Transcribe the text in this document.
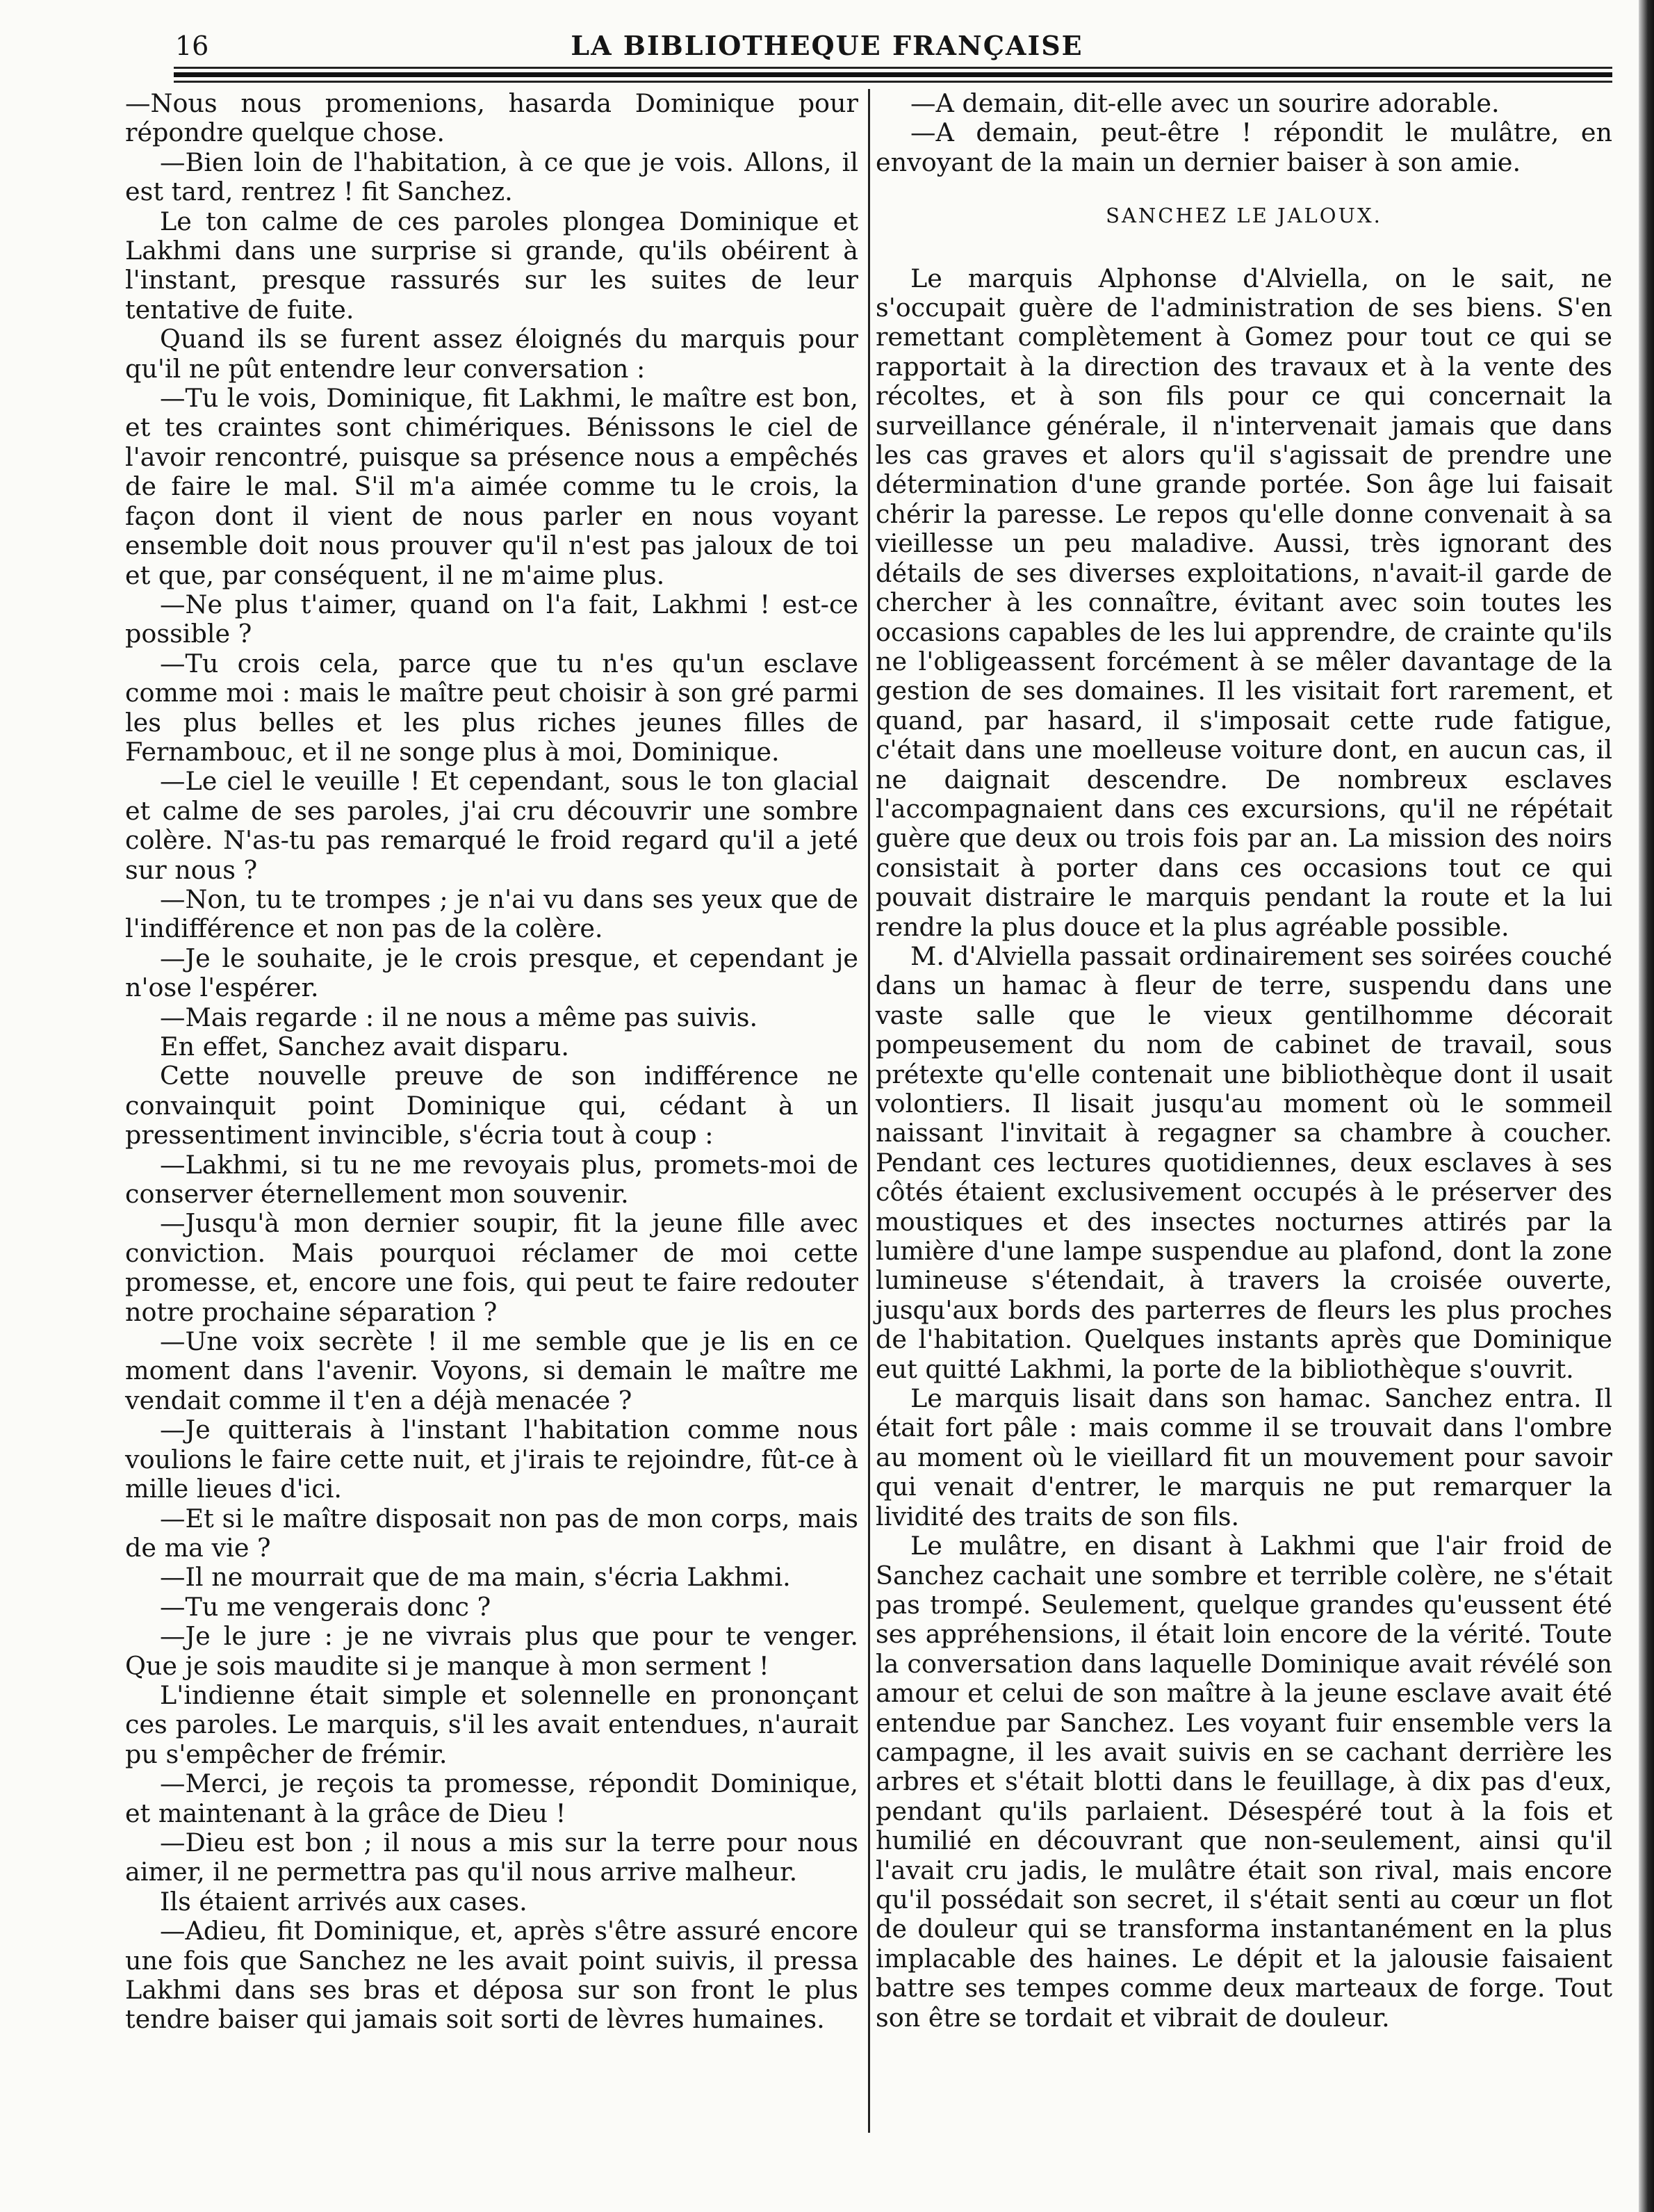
16	LA BIBLIOTHEQUE FRANÇAISE

—Nous nous promenions, hasarda Dominique pour répondre quelque chose.

—Bien loin de l'habitation, à ce que je vois. Allons, il est tard, rentrez ! fit Sanchez.

Le ton calme de ces paroles plongea Dominique et Lakhmi dans une surprise si grande, qu'ils obéirent à l'instant, presque rassurés sur les suites de leur tentative de fuite.

Quand ils se furent assez éloignés du marquis pour qu'il ne pût entendre leur conversation :

—Tu le vois, Dominique, fit Lakhmi, le maître est bon, et tes craintes sont chimériques. Bénissons le ciel de l'avoir rencontré, puisque sa présence nous a empêchés de faire le mal. S'il m'a aimée comme tu le crois, la façon dont il vient de nous parler en nous voyant ensemble doit nous prouver qu'il n'est pas jaloux de toi et que, par conséquent, il ne m'aime plus.

—Ne plus t'aimer, quand on l'a fait, Lakhmi ! est-ce possible ?

—Tu crois cela, parce que tu n'es qu'un esclave comme moi : mais le maître peut choisir à son gré parmi les plus belles et les plus riches jeunes filles de Fernambouc, et il ne songe plus à moi, Dominique.

—Le ciel le veuille ! Et cependant, sous le ton glacial et calme de ses paroles, j'ai cru découvrir une sombre colère. N'as-tu pas remarqué le froid regard qu'il a jeté sur nous ?

—Non, tu te trompes ; je n'ai vu dans ses yeux que de l'indifférence et non pas de la colère.

—Je le souhaite, je le crois presque, et cependant je n'ose l'espérer.

—Mais regarde : il ne nous a même pas suivis.

En effet, Sanchez avait disparu.

Cette nouvelle preuve de son indifférence ne convainquit point Dominique qui, cédant à un pressentiment invincible, s'écria tout à coup :

—Lakhmi, si tu ne me revoyais plus, promets-moi de conserver éternellement mon souvenir.

—Jusqu'à mon dernier soupir, fit la jeune fille avec conviction. Mais pourquoi réclamer de moi cette promesse, et, encore une fois, qui peut te faire redouter notre prochaine séparation ?

—Une voix secrète ! il me semble que je lis en ce moment dans l'avenir. Voyons, si demain le maître me vendait comme il t'en a déjà menacée ?

—Je quitterais à l'instant l'habitation comme nous voulions le faire cette nuit, et j'irais te rejoindre, fût-ce à mille lieues d'ici.

—Et si le maître disposait non pas de mon corps, mais de ma vie ?

—Il ne mourrait que de ma main, s'écria Lakhmi.

—Tu me vengerais donc ?

—Je le jure : je ne vivrais plus que pour te venger. Que je sois maudite si je manque à mon serment !

L'indienne était simple et solennelle en prononçant ces paroles. Le marquis, s'il les avait entendues, n'aurait pu s'empêcher de frémir.

—Merci, je reçois ta promesse, répondit Dominique, et maintenant à la grâce de Dieu !

—Dieu est bon ; il nous a mis sur la terre pour nous aimer, il ne permettra pas qu'il nous arrive malheur.

Ils étaient arrivés aux cases.

—Adieu, fit Dominique, et, après s'être assuré encore une fois que Sanchez ne les avait point suivis, il pressa Lakhmi dans ses bras et déposa sur son front le plus tendre baiser qui jamais soit sorti de lèvres humaines.

—A demain, dit-elle avec un sourire adorable.

—A demain, peut-être ! répondit le mulâtre, en envoyant de la main un dernier baiser à son amie.

SANCHEZ LE JALOUX.

Le marquis Alphonse d'Alviella, on le sait, ne s'occupait guère de l'administration de ses biens. S'en remettant complètement à Gomez pour tout ce qui se rapportait à la direction des travaux et à la vente des récoltes, et à son fils pour ce qui concernait la surveillance générale, il n'intervenait jamais que dans les cas graves et alors qu'il s'agissait de prendre une détermination d'une grande portée. Son âge lui faisait chérir la paresse. Le repos qu'elle donne convenait à sa vieillesse un peu maladive. Aussi, très ignorant des détails de ses diverses exploitations, n'avait-il garde de chercher à les connaître, évitant avec soin toutes les occasions capables de les lui apprendre, de crainte qu'ils ne l'obligeassent forcément à se mêler davantage de la gestion de ses domaines. Il les visitait fort rarement, et quand, par hasard, il s'imposait cette rude fatigue, c'était dans une moelleuse voiture dont, en aucun cas, il ne daignait descendre. De nombreux esclaves l'accompagnaient dans ces excursions, qu'il ne répétait guère que deux ou trois fois par an. La mission des noirs consistait à porter dans ces occasions tout ce qui pouvait distraire le marquis pendant la route et la lui rendre la plus douce et la plus agréable possible.

M. d'Alviella passait ordinairement ses soirées couché dans un hamac à fleur de terre, suspendu dans une vaste salle que le vieux gentilhomme décorait pompeusement du nom de cabinet de travail, sous prétexte qu'elle contenait une bibliothèque dont il usait volontiers. Il lisait jusqu'au moment où le sommeil naissant l'invitait à regagner sa chambre à coucher. Pendant ces lectures quotidiennes, deux esclaves à ses côtés étaient exclusivement occupés à le préserver des moustiques et des insectes nocturnes attirés par la lumière d'une lampe suspendue au plafond, dont la zone lumineuse s'étendait, à travers la croisée ouverte, jusqu'aux bords des parterres de fleurs les plus proches de l'habitation. Quelques instants après que Dominique eut quitté Lakhmi, la porte de la bibliothèque s'ouvrit.

Le marquis lisait dans son hamac. Sanchez entra. Il était fort pâle : mais comme il se trouvait dans l'ombre au moment où le vieillard fit un mouvement pour savoir qui venait d'entrer, le marquis ne put remarquer la lividité des traits de son fils.

Le mulâtre, en disant à Lakhmi que l'air froid de Sanchez cachait une sombre et terrible colère, ne s'était pas trompé. Seulement, quelque grandes qu'eussent été ses appréhensions, il était loin encore de la vérité. Toute la conversation dans laquelle Dominique avait révélé son amour et celui de son maître à la jeune esclave avait été entendue par Sanchez. Les voyant fuir ensemble vers la campagne, il les avait suivis en se cachant derrière les arbres et s'était blotti dans le feuillage, à dix pas d'eux, pendant qu'ils parlaient. Désespéré tout à la fois et humilié en découvrant que non-seulement, ainsi qu'il l'avait cru jadis, le mulâtre était son rival, mais encore qu'il possédait son secret, il s'était senti au cœur un flot de douleur qui se transforma instantanément en la plus implacable des haines. Le dépit et la jalousie faisaient battre ses tempes comme deux marteaux de forge. Tout son être se tordait et vibrait de douleur.
